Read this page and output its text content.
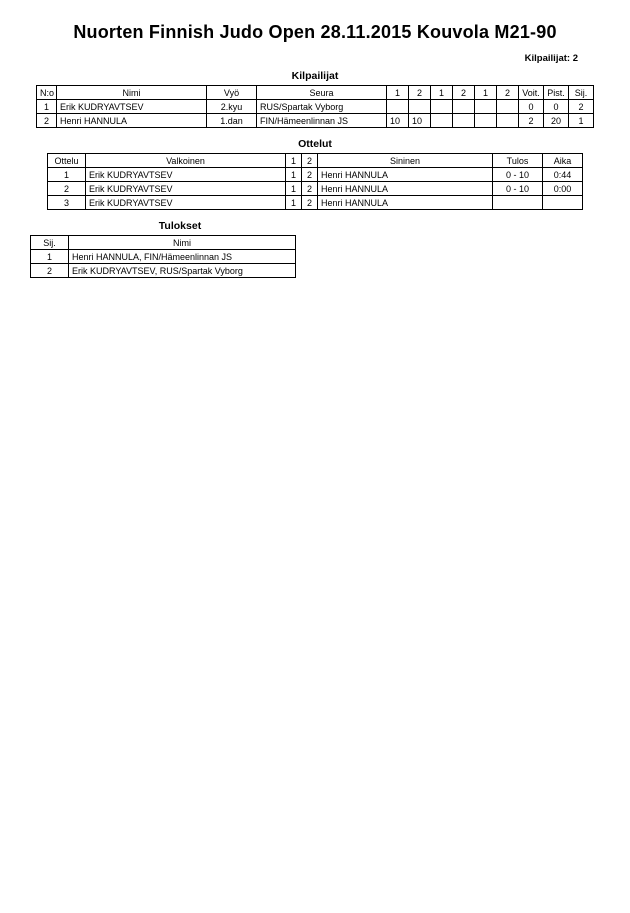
Nuorten Finnish Judo Open 28.11.2015 Kouvola M21-90
Kilpailijat: 2
Kilpailijat
N:o	Nimi	Vyö	Seura	1	2	1	2	1	2	Voit.	Pist.	Sij.
1	Erik KUDRYAVTSEV	2.kyu	RUS/Spartak Vyborg							0	0	2
2	Henri HANNULA	1.dan	FIN/Hämeenlinnan JS	10	10					2	20	1
Ottelut
Ottelu	Valkoinen	1	2	Sininen	Tulos	Aika
1	Erik KUDRYAVTSEV	1	2	Henri HANNULA	0 - 10	0:44
2	Erik KUDRYAVTSEV	1	2	Henri HANNULA	0 - 10	0:00
3	Erik KUDRYAVTSEV	1	2	Henri HANNULA		
Tulokset
Sij.	Nimi
1	Henri HANNULA, FIN/Hämeenlinnan JS
2	Erik KUDRYAVTSEV, RUS/Spartak Vyborg
